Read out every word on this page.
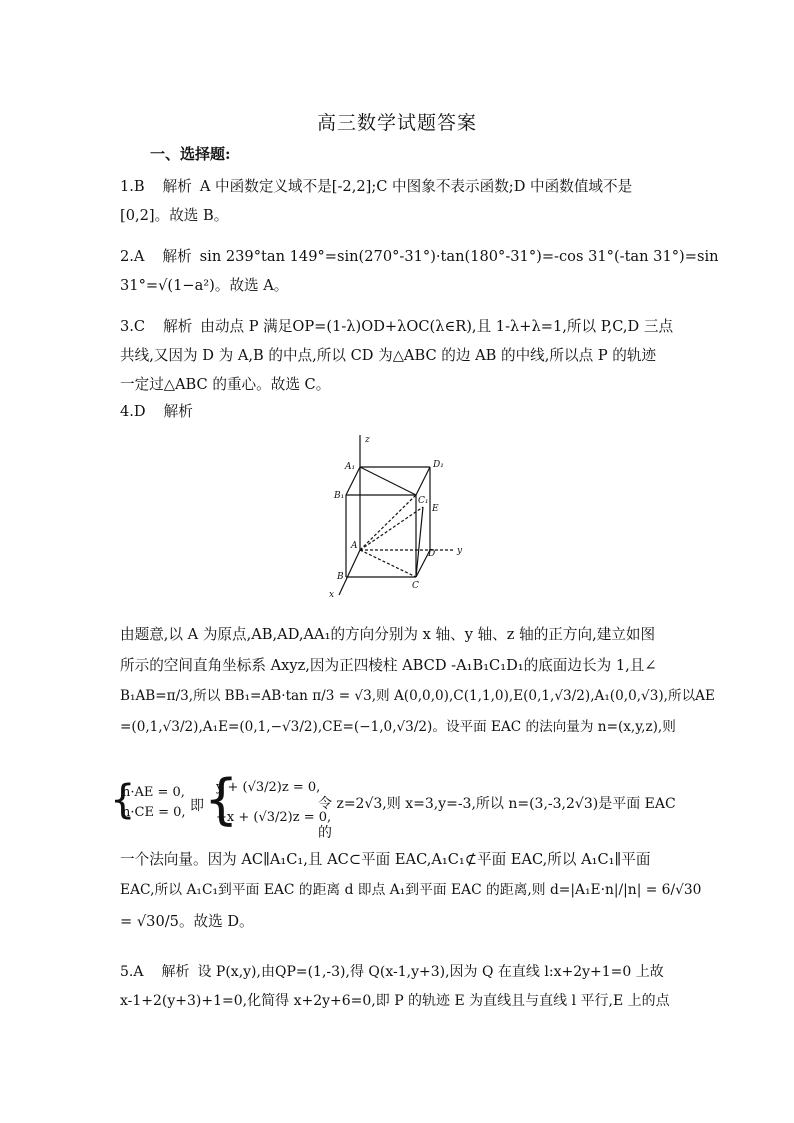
高三数学试题答案
一、选择题:
1.B 解析 A 中函数定义域不是[-2,2];C 中图象不表示函数;D 中函数值域不是
[0,2]。故选 B。
2.A 解析 sin 239°tan 149°=sin(270°-31°)·tan(180°-31°)=-cos 31°(-tan 31°)=sin
31°=√(1−a²)。故选 A。
3.C 解析 由动点 P 满足OP=(1-λ)OD+λOC(λ∈R),且 1-λ+λ=1,所以 P,C,D 三点
共线,又因为 D 为 A,B 的中点,所以 CD 为△ABC 的边 AB 的中线,所以点 P 的轨迹
一定过△ABC 的重心。故选 C。
4.D 解析
z
y
x
A₁	D₁
B₁	C₁
E
A
D
B
C
由题意,以 A 为原点,AB,AD,AA₁的方向分别为 x 轴、y 轴、z 轴的正方向,建立如图
所示的空间直角坐标系 Axyz,因为正四棱柱 ABCD -A₁B₁C₁D₁的底面边长为 1,且∠
B₁AB=π/3,所以 BB₁=AB·tan π/3 = √3,则 A(0,0,0),C(1,1,0),E(0,1,√3/2),A₁(0,0,√3),所以AE
=(0,1,√3/2),A₁E=(0,1,−√3/2),CE=(−1,0,√3/2)。设平面 EAC 的法向量为 n=(x,y,z),则
{
n·AE = 0,
n·CE = 0, 即 {
y + (√3/2)z = 0,
−x + (√3/2)z = 0,
令 z=2√3,则 x=3,y=-3,所以 n=(3,-3,2√3)是平面 EAC 的
一个法向量。因为 AC∥A₁C₁,且 AC⊂平面 EAC,A₁C₁⊄平面 EAC,所以 A₁C₁∥平面
EAC,所以 A₁C₁到平面 EAC 的距离 d 即点 A₁到平面 EAC 的距离,则 d=|A₁E·n|/|n| = 6/√30
= √30/5。故选 D。
5.A 解析 设 P(x,y),由QP=(1,-3),得 Q(x-1,y+3),因为 Q 在直线 l:x+2y+1=0 上故
x-1+2(y+3)+1=0,化简得 x+2y+6=0,即 P 的轨迹 E 为直线且与直线 l 平行,E 上的点
